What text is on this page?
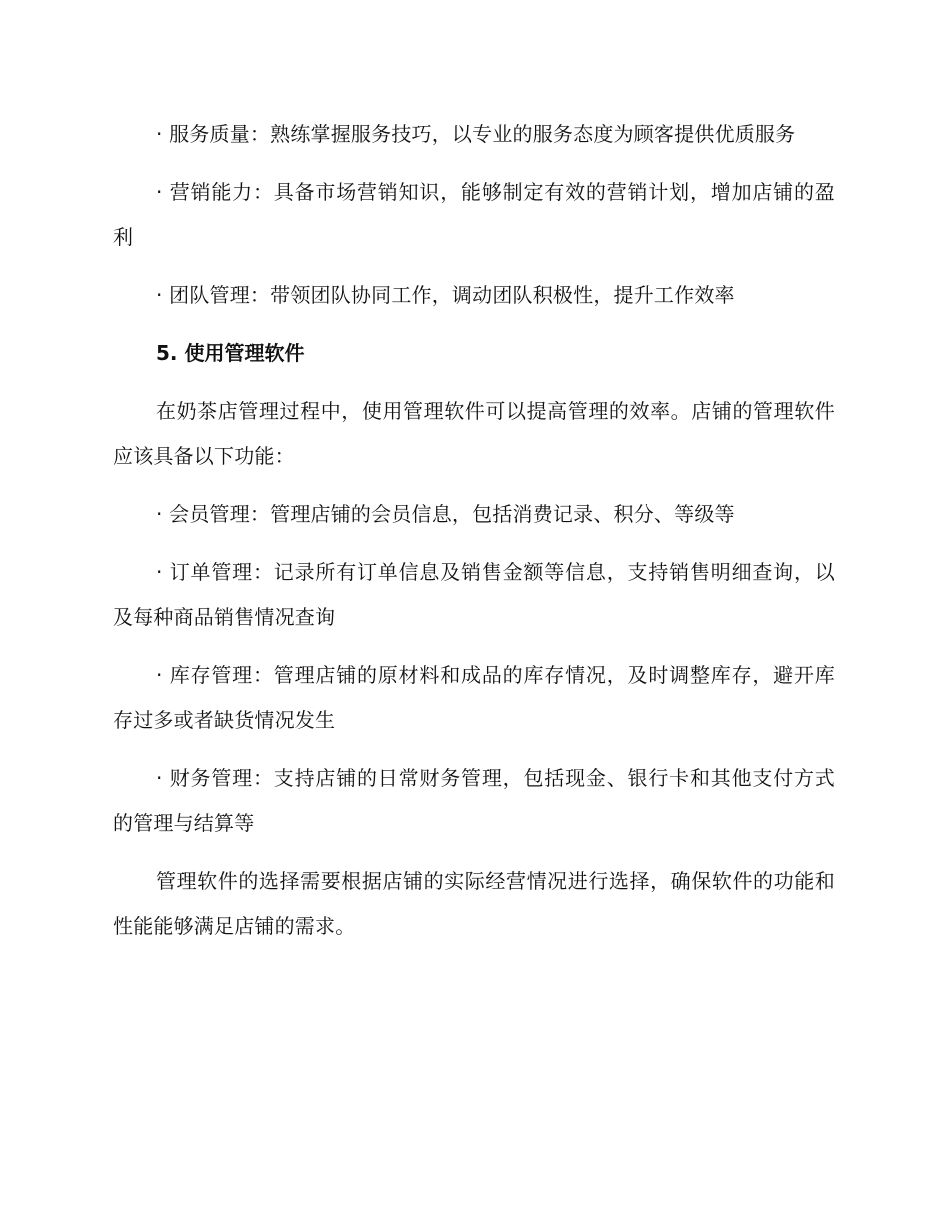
· 服务质量：熟练掌握服务技巧，以专业的服务态度为顾客提供优质服务

· 营销能力：具备市场营销知识，能够制定有效的营销计划，增加店铺的盈利

· 团队管理：带领团队协同工作，调动团队积极性，提升工作效率

5. 使用管理软件

在奶茶店管理过程中，使用管理软件可以提高管理的效率。店铺的管理软件应该具备以下功能：

· 会员管理：管理店铺的会员信息，包括消费记录、积分、等级等

· 订单管理：记录所有订单信息及销售金额等信息，支持销售明细查询，以及每种商品销售情况查询

· 库存管理：管理店铺的原材料和成品的库存情况，及时调整库存，避开库存过多或者缺货情况发生

· 财务管理：支持店铺的日常财务管理，包括现金、银行卡和其他支付方式的管理与结算等

管理软件的选择需要根据店铺的实际经营情况进行选择，确保软件的功能和性能能够满足店铺的需求。
